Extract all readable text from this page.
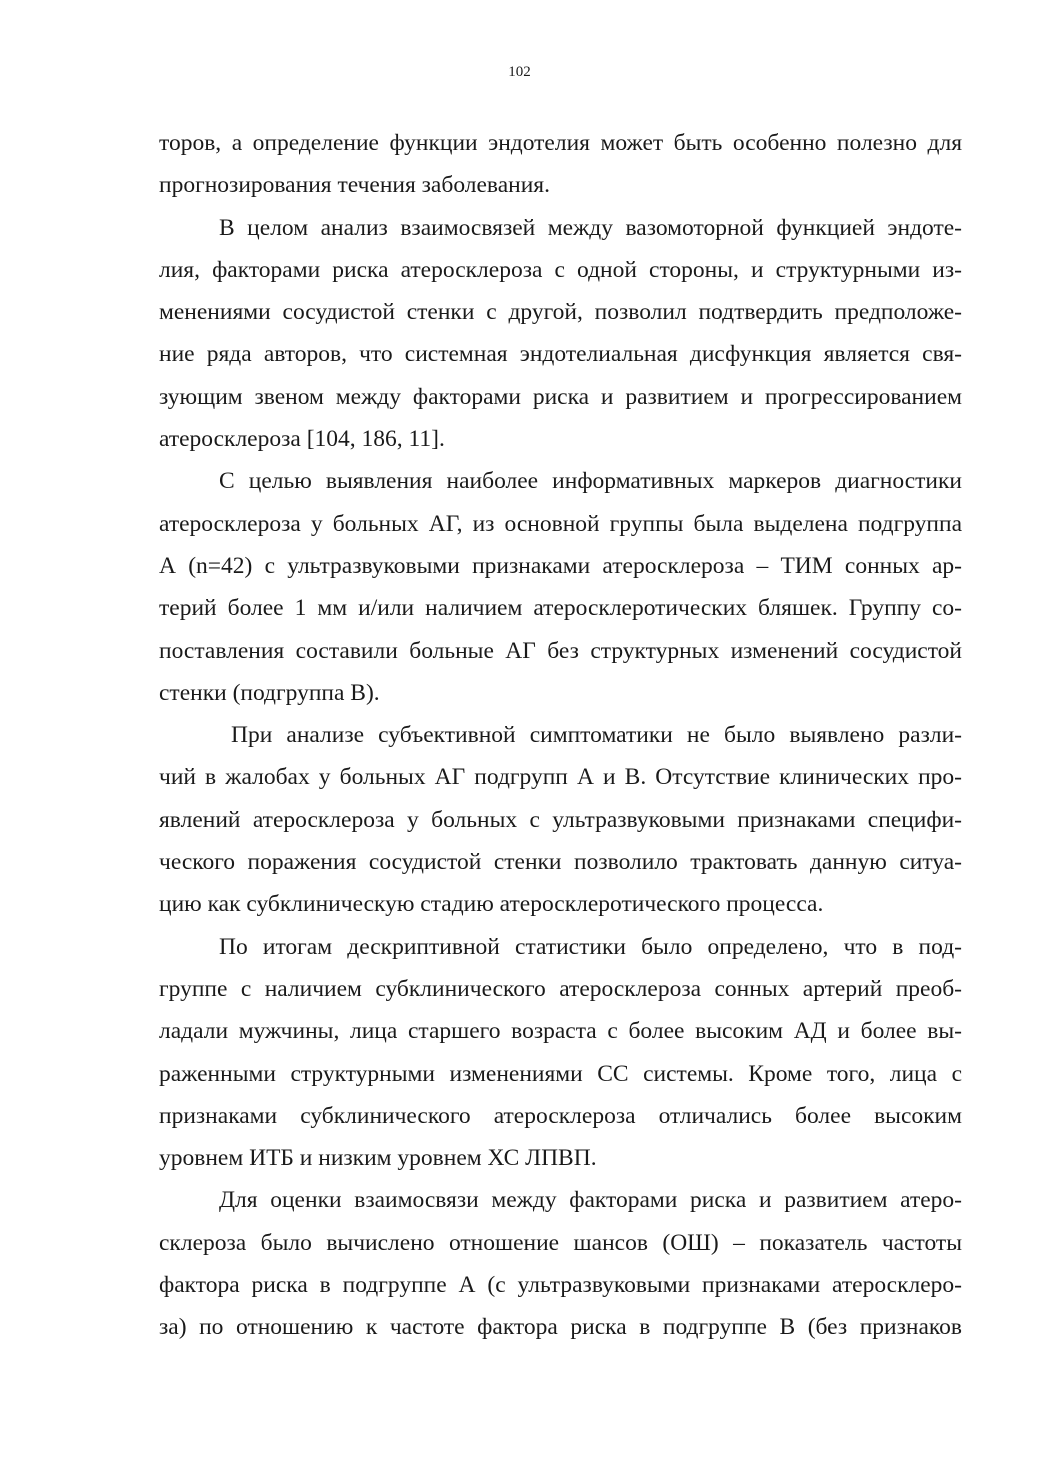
102
торов, а определение функции эндотелия может быть особенно полезно для
прогнозирования течения заболевания.
В целом анализ взаимосвязей между вазомоторной функцией эндоте-
лия, факторами риска атеросклероза с одной стороны, и структурными из-
менениями сосудистой стенки с другой, позволил подтвердить предположе-
ние ряда авторов, что системная эндотелиальная дисфункция является свя-
зующим звеном между факторами риска и развитием и прогрессированием
атеросклероза [104, 186, 11].
С целью выявления наиболее информативных маркеров диагностики
атеросклероза у больных АГ, из основной группы была выделена подгруппа
А (n=42) с ультразвуковыми признаками атеросклероза – ТИМ сонных ар-
терий более 1 мм и/или наличием атеросклеротических бляшек. Группу со-
поставления составили больные АГ без структурных изменений сосудистой
стенки (подгруппа В).
При анализе субъективной симптоматики не было выявлено разли-
чий в жалобах у больных АГ подгрупп А и В. Отсутствие клинических про-
явлений атеросклероза у больных с ультразвуковыми признаками специфи-
ческого поражения сосудистой стенки позволило трактовать данную ситуа-
цию как субклиническую стадию атеросклеротического процесса.
По итогам дескриптивной статистики было определено, что в под-
группе с наличием субклинического атеросклероза сонных артерий преоб-
ладали мужчины, лица старшего возраста с более высоким АД и более вы-
раженными структурными изменениями СС системы. Кроме того, лица с
признаками субклинического атеросклероза отличались более высоким
уровнем ИТБ и низким уровнем ХС ЛПВП.
Для оценки взаимосвязи между факторами риска и развитием атеро-
склероза было вычислено отношение шансов (ОШ) – показатель частоты
фактора риска в подгруппе А (с ультразвуковыми признаками атеросклеро-
за) по отношению к частоте фактора риска в подгруппе В (без признаков
